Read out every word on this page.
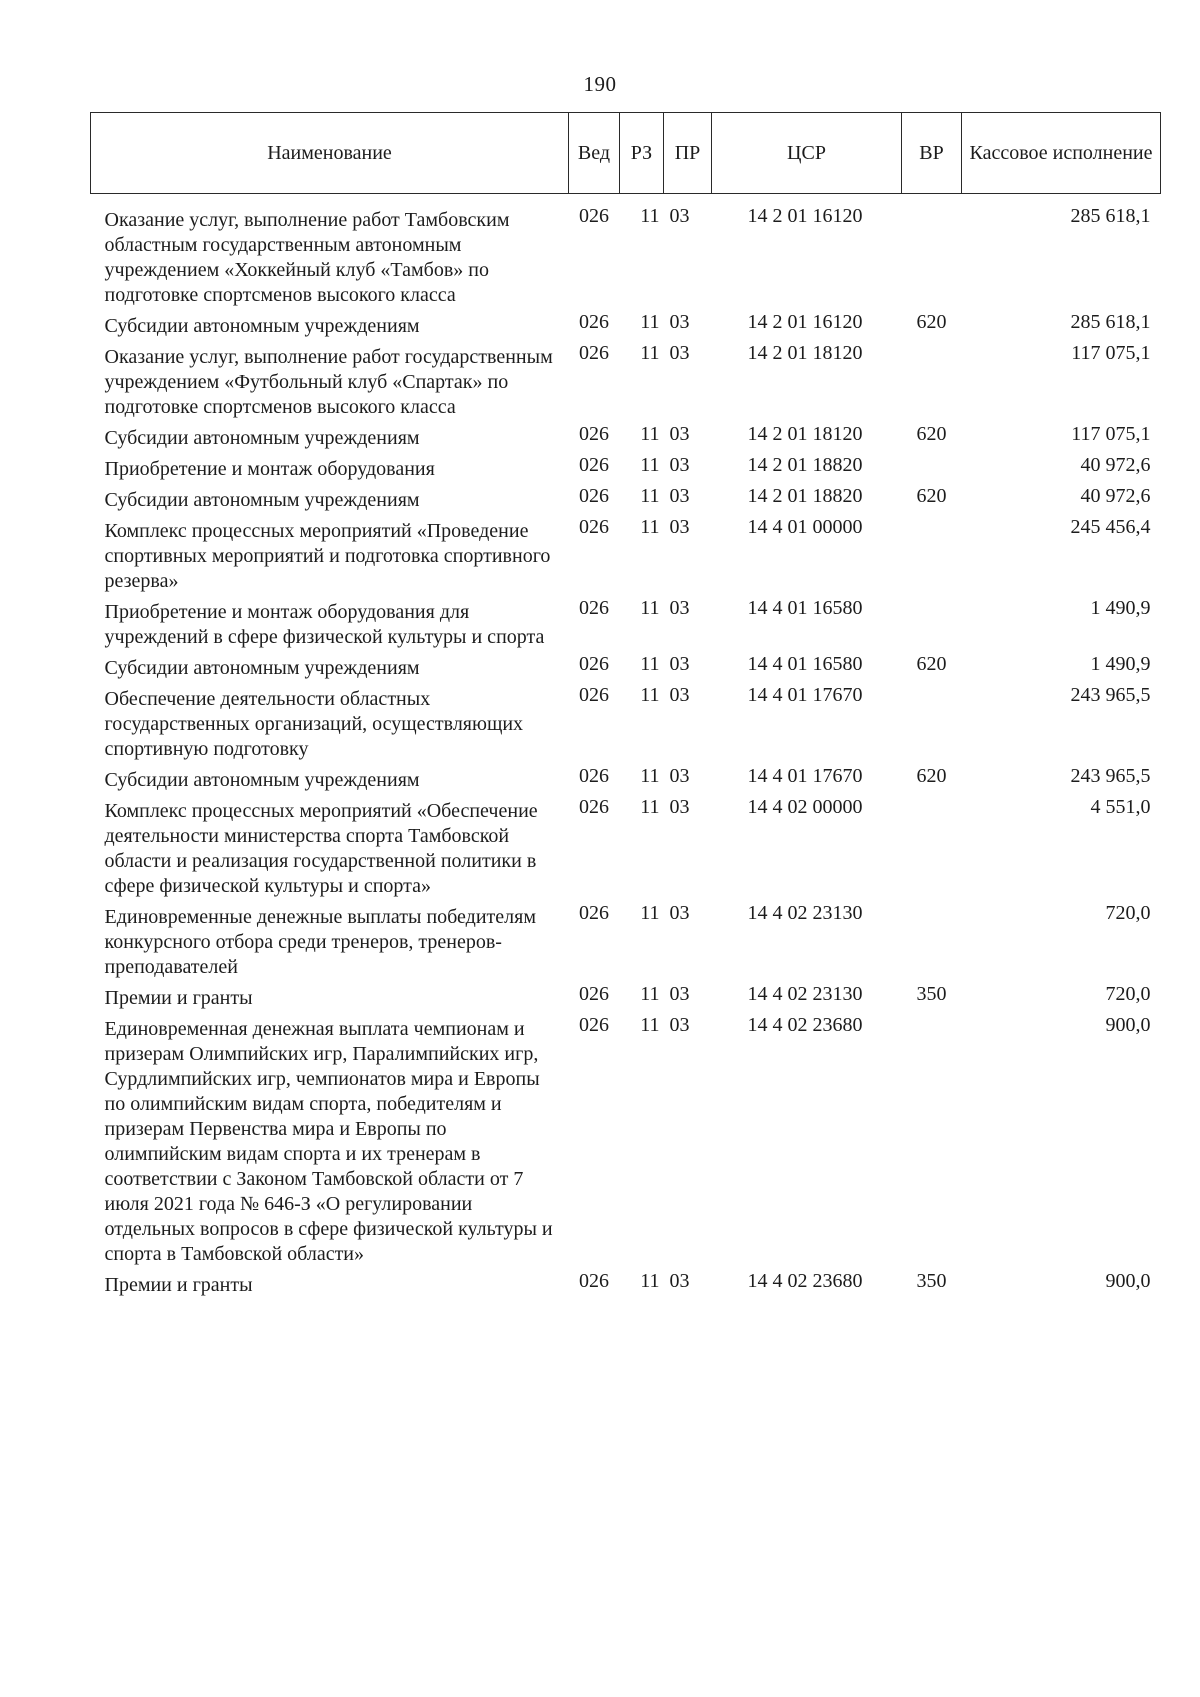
190
Наименование	Вед	РЗ	ПР	ЦСР	ВР	Кассовое исполнение
Оказание услуг, выполнение работ Тамбовским областным государственным автономным учреждением «Хоккейный клуб «Тамбов» по подготовке спортсменов высокого класса	026	11	03	14 2 01 16120		285 618,1
Субсидии автономным учреждениям	026	11	03	14 2 01 16120	620	285 618,1
Оказание услуг, выполнение работ государственным учреждением «Футбольный клуб «Спартак» по подготовке спортсменов высокого класса	026	11	03	14 2 01 18120		117 075,1
Субсидии автономным учреждениям	026	11	03	14 2 01 18120	620	117 075,1
Приобретение и монтаж оборудования	026	11	03	14 2 01 18820		40 972,6
Субсидии автономным учреждениям	026	11	03	14 2 01 18820	620	40 972,6
Комплекс процессных мероприятий «Проведение спортивных мероприятий и подготовка спортивного резерва»	026	11	03	14 4 01 00000		245 456,4
Приобретение и монтаж оборудования для учреждений в сфере физической культуры и спорта	026	11	03	14 4 01 16580		1 490,9
Субсидии автономным учреждениям	026	11	03	14 4 01 16580	620	1 490,9
Обеспечение деятельности областных государственных организаций, осуществляющих спортивную подготовку	026	11	03	14 4 01 17670		243 965,5
Субсидии автономным учреждениям	026	11	03	14 4 01 17670	620	243 965,5
Комплекс процессных мероприятий «Обеспечение деятельности министерства спорта Тамбовской области и реализация государственной политики в сфере физической культуры и спорта»	026	11	03	14 4 02 00000		4 551,0
Единовременные денежные выплаты победителям конкурсного отбора среди тренеров, тренеров-преподавателей	026	11	03	14 4 02 23130		720,0
Премии и гранты	026	11	03	14 4 02 23130	350	720,0
Единовременная денежная выплата чемпионам и призерам Олимпийских игр, Паралимпийских игр, Сурдлимпийских игр, чемпионатов мира и Европы по олимпийским видам спорта, победителям и призерам Первенства мира и Европы по олимпийским видам спорта и их тренерам в соответствии с Законом Тамбовской области от 7 июля 2021 года № 646-З «О регулировании отдельных вопросов в сфере физической культуры и спорта в Тамбовской области»	026	11	03	14 4 02 23680		900,0
Премии и гранты	026	11	03	14 4 02 23680	350	900,0
